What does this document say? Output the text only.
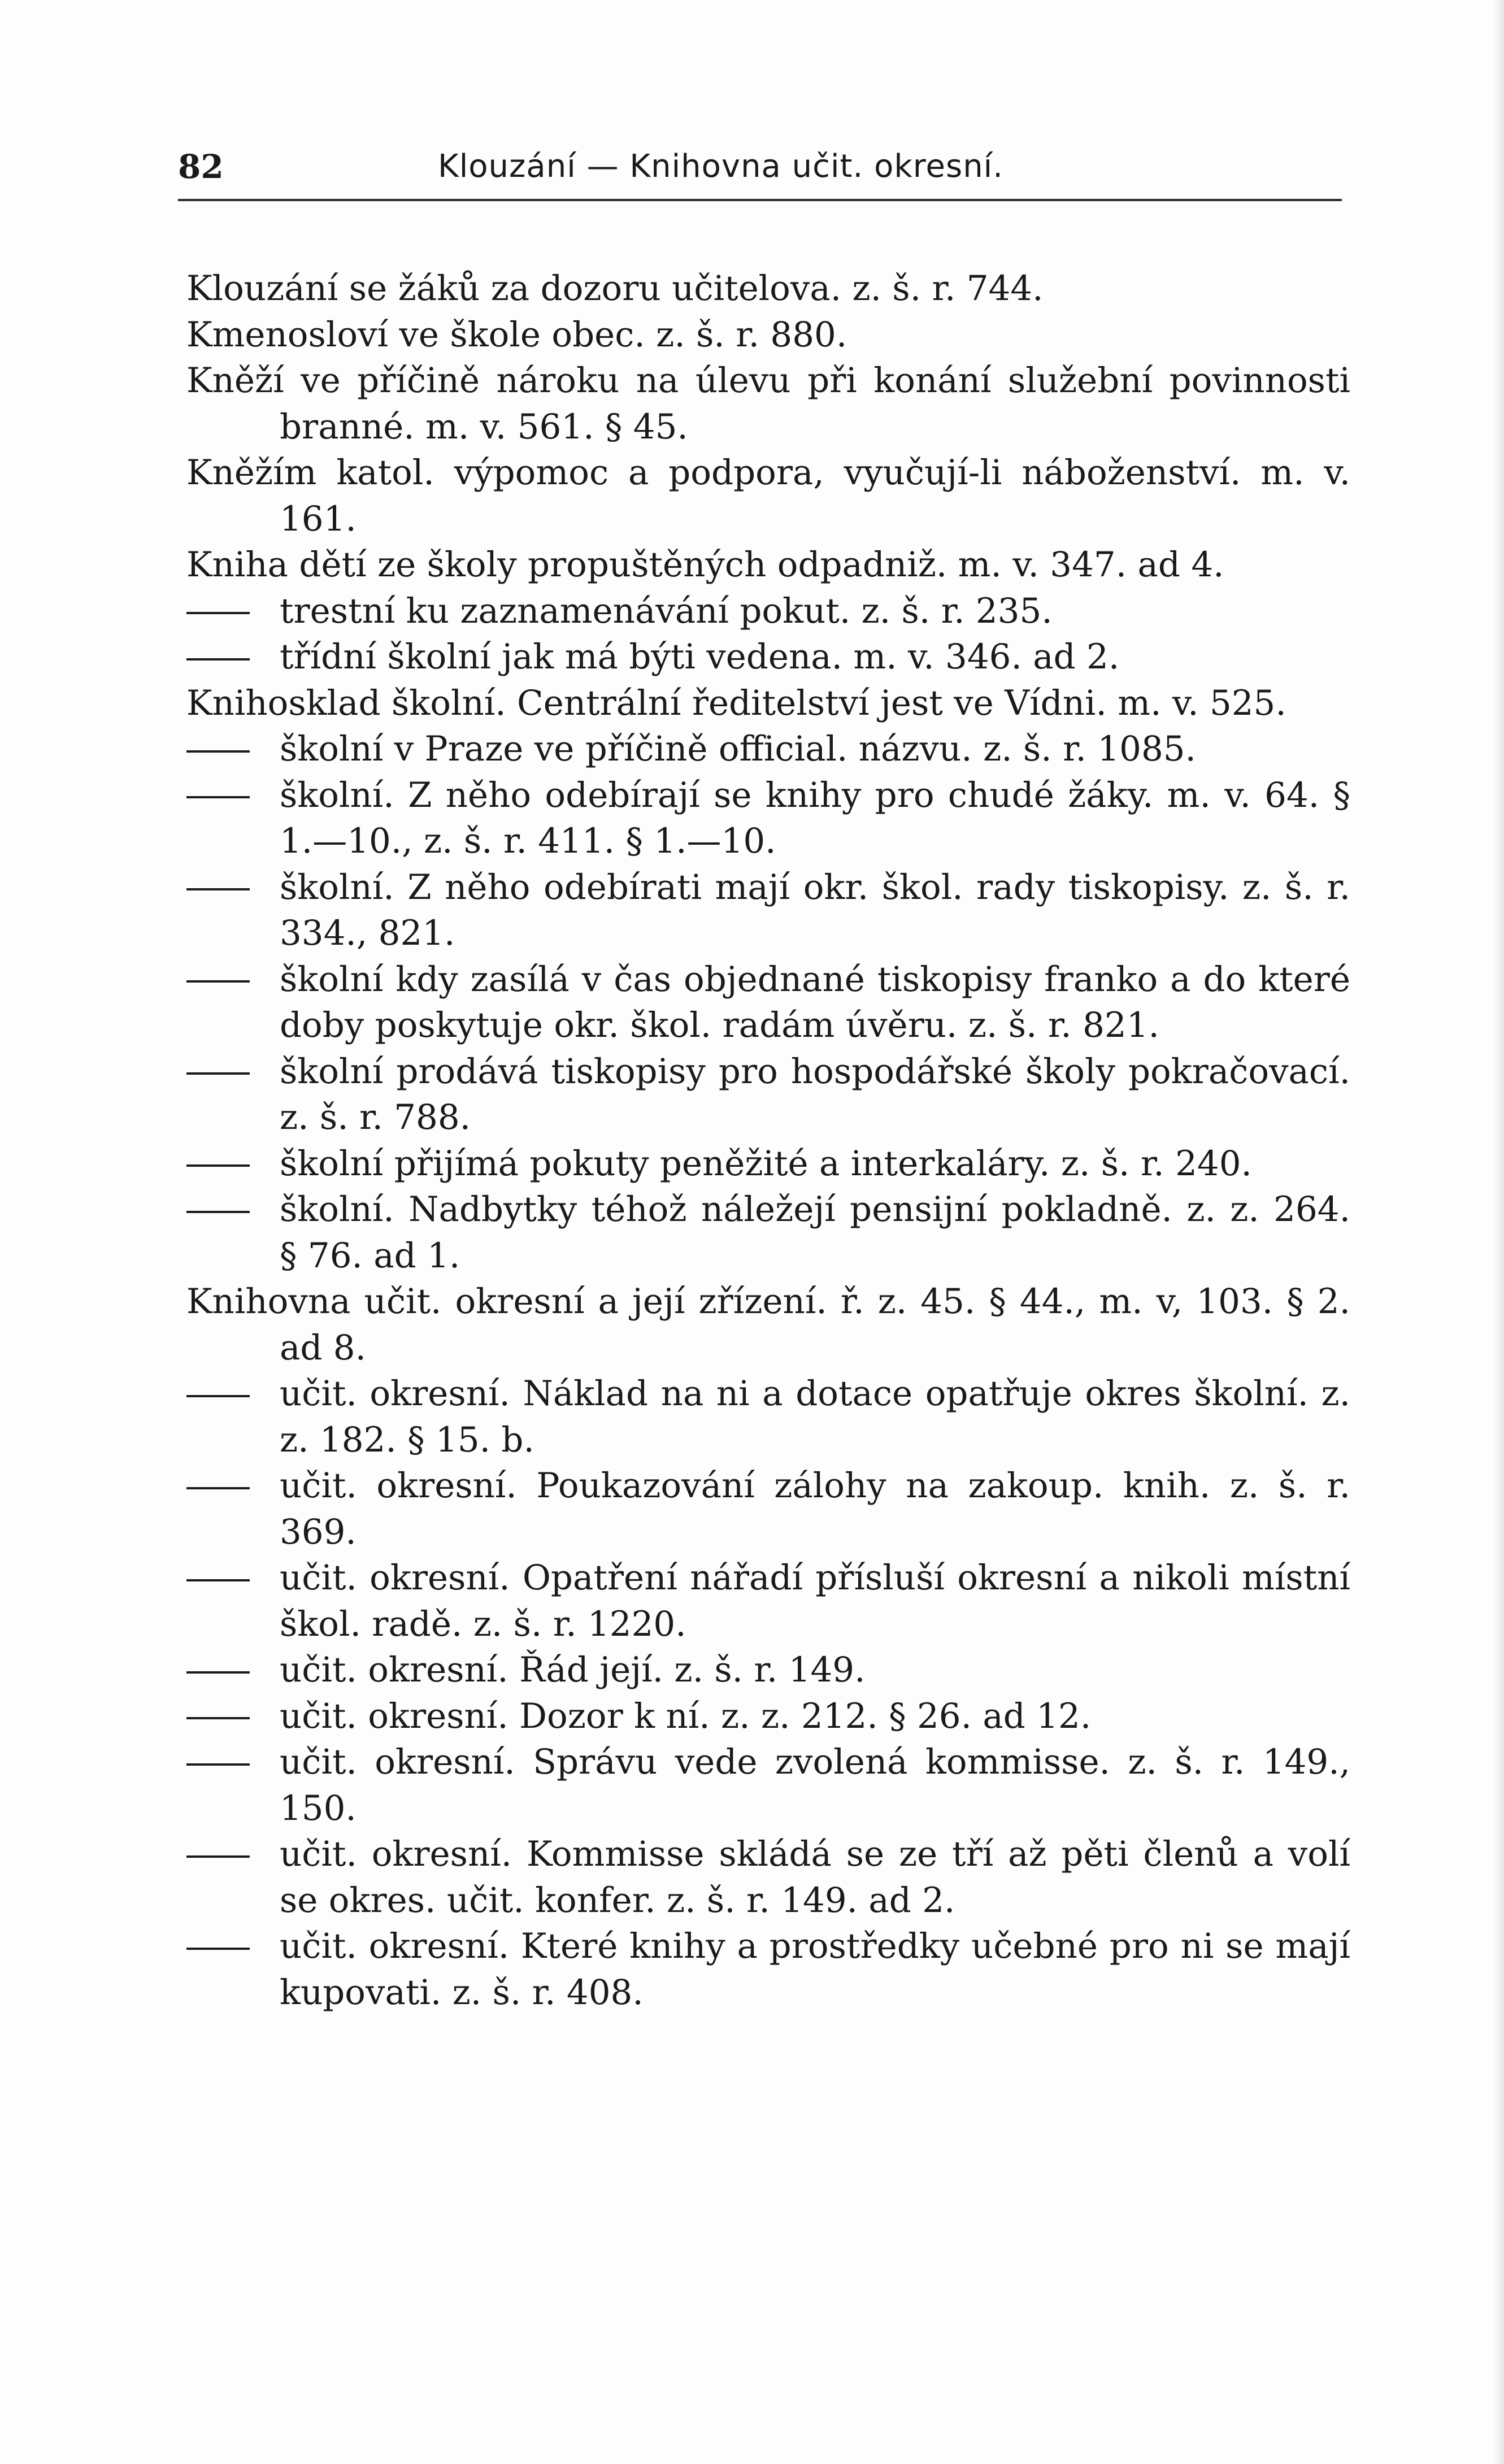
82	Klouzání — Knihovna učit. okresní.
Klouzání se žáků za dozoru učitelova. z. š. r. 744.
Kmenosloví ve škole obec. z. š. r. 880.
Kněží ve příčině nároku na úlevu při konání služební povinnosti branné. m. v. 561. § 45.
Kněžím katol. výpomoc a podpora, vyučují-li náboženství. m. v. 161.
Kniha dětí ze školy propuštěných odpadniž. m. v. 347. ad 4.
trestní ku zaznamenávání pokut. z. š. r. 235.
třídní školní jak má býti vedena. m. v. 346. ad 2.
Knihosklad školní. Centrální ředitelství jest ve Vídni. m. v. 525.
školní v Praze ve příčině official. názvu. z. š. r. 1085.
školní. Z něho odebírají se knihy pro chudé žáky. m. v. 64. § 1.—10., z. š. r. 411. § 1.—10.
školní. Z něho odebírati mají okr. škol. rady tiskopisy. z. š. r. 334., 821.
školní kdy zasílá v čas objednané tiskopisy franko a do které doby poskytuje okr. škol. radám úvěru. z. š. r. 821.
školní prodává tiskopisy pro hospodářské školy pokračovací. z. š. r. 788.
školní přijímá pokuty peněžité a interkaláry. z. š. r. 240.
školní. Nadbytky téhož náležejí pensijní pokladně. z. z. 264. § 76. ad 1.
Knihovna učit. okresní a její zřízení. ř. z. 45. § 44., m. v, 103. § 2. ad 8.
učit. okresní. Náklad na ni a dotace opatřuje okres školní. z. z. 182. § 15. b.
učit. okresní. Poukazování zálohy na zakoup. knih. z. š. r. 369.
učit. okresní. Opatření nářadí přísluší okresní a nikoli místní škol. radě. z. š. r. 1220.
učit. okresní. Řád její. z. š. r. 149.
učit. okresní. Dozor k ní. z. z. 212. § 26. ad 12.
učit. okresní. Správu vede zvolená kommisse. z. š. r. 149., 150.
učit. okresní. Kommisse skládá se ze tří až pěti členů a volí se okres. učit. konfer. z. š. r. 149. ad 2.
učit. okresní. Které knihy a prostředky učebné pro ni se mají kupovati. z. š. r. 408.
